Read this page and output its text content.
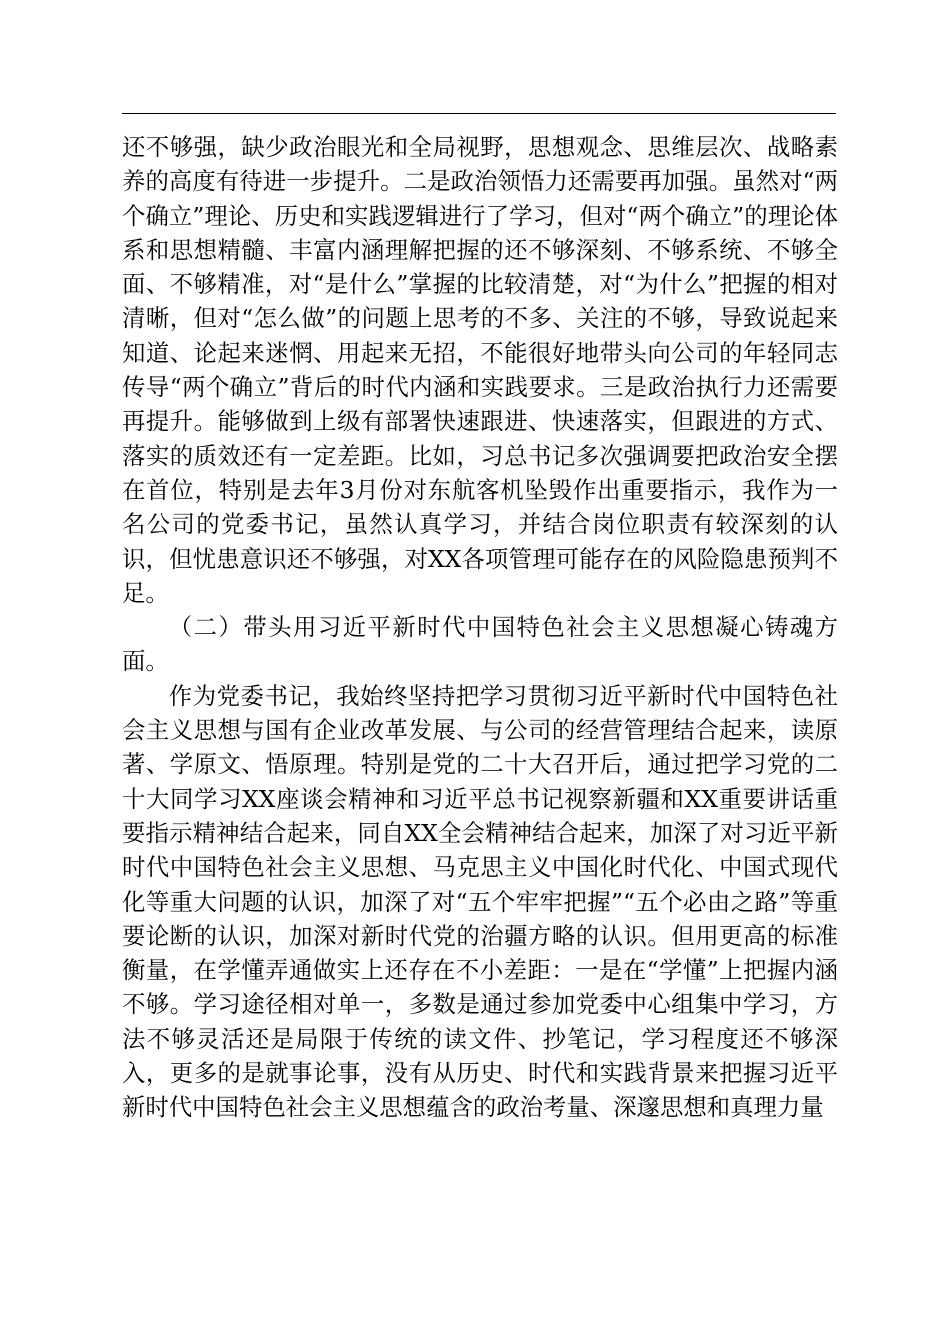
还不够强，缺少政治眼光和全局视野，思想观念、思维层次、战略素养的高度有待进一步提升。二是政治领悟力还需要再加强。虽然对“两个确立”理论、历史和实践逻辑进行了学习，但对“两个确立”的理论体系和思想精髓、丰富内涵理解把握的还不够深刻、不够系统、不够全面、不够精准，对“是什么”掌握的比较清楚，对“为什么”把握的相对清晰，但对“怎么做”的问题上思考的不多、关注的不够，导致说起来知道、论起来迷惘、用起来无招，不能很好地带头向公司的年轻同志传导“两个确立”背后的时代内涵和实践要求。三是政治执行力还需要再提升。能够做到上级有部署快速跟进、快速落实，但跟进的方式、落实的质效还有一定差距。比如，习总书记多次强调要把政治安全摆在首位，特别是去年3月份对东航客机坠毁作出重要指示，我作为一名公司的党委书记，虽然认真学习，并结合岗位职责有较深刻的认识，但忧患意识还不够强，对XX各项管理可能存在的风险隐患预判不足。

（二）带头用习近平新时代中国特色社会主义思想凝心铸魂方面。

作为党委书记，我始终坚持把学习贯彻习近平新时代中国特色社会主义思想与国有企业改革发展、与公司的经营管理结合起来，读原著、学原文、悟原理。特别是党的二十大召开后，通过把学习党的二十大同学习XX座谈会精神和习近平总书记视察新疆和XX重要讲话重要指示精神结合起来，同自XX全会精神结合起来，加深了对习近平新时代中国特色社会主义思想、马克思主义中国化时代化、中国式现代化等重大问题的认识，加深了对“五个牢牢把握”“五个必由之路”等重要论断的认识，加深对新时代党的治疆方略的认识。但用更高的标准衡量，在学懂弄通做实上还存在不小差距：一是在“学懂”上把握内涵不够。学习途径相对单一，多数是通过参加党委中心组集中学习，方法不够灵活还是局限于传统的读文件、抄笔记，学习程度还不够深入，更多的是就事论事，没有从历史、时代和实践背景来把握习近平新时代中国特色社会主义思想蕴含的政治考量、深邃思想和真理力量
